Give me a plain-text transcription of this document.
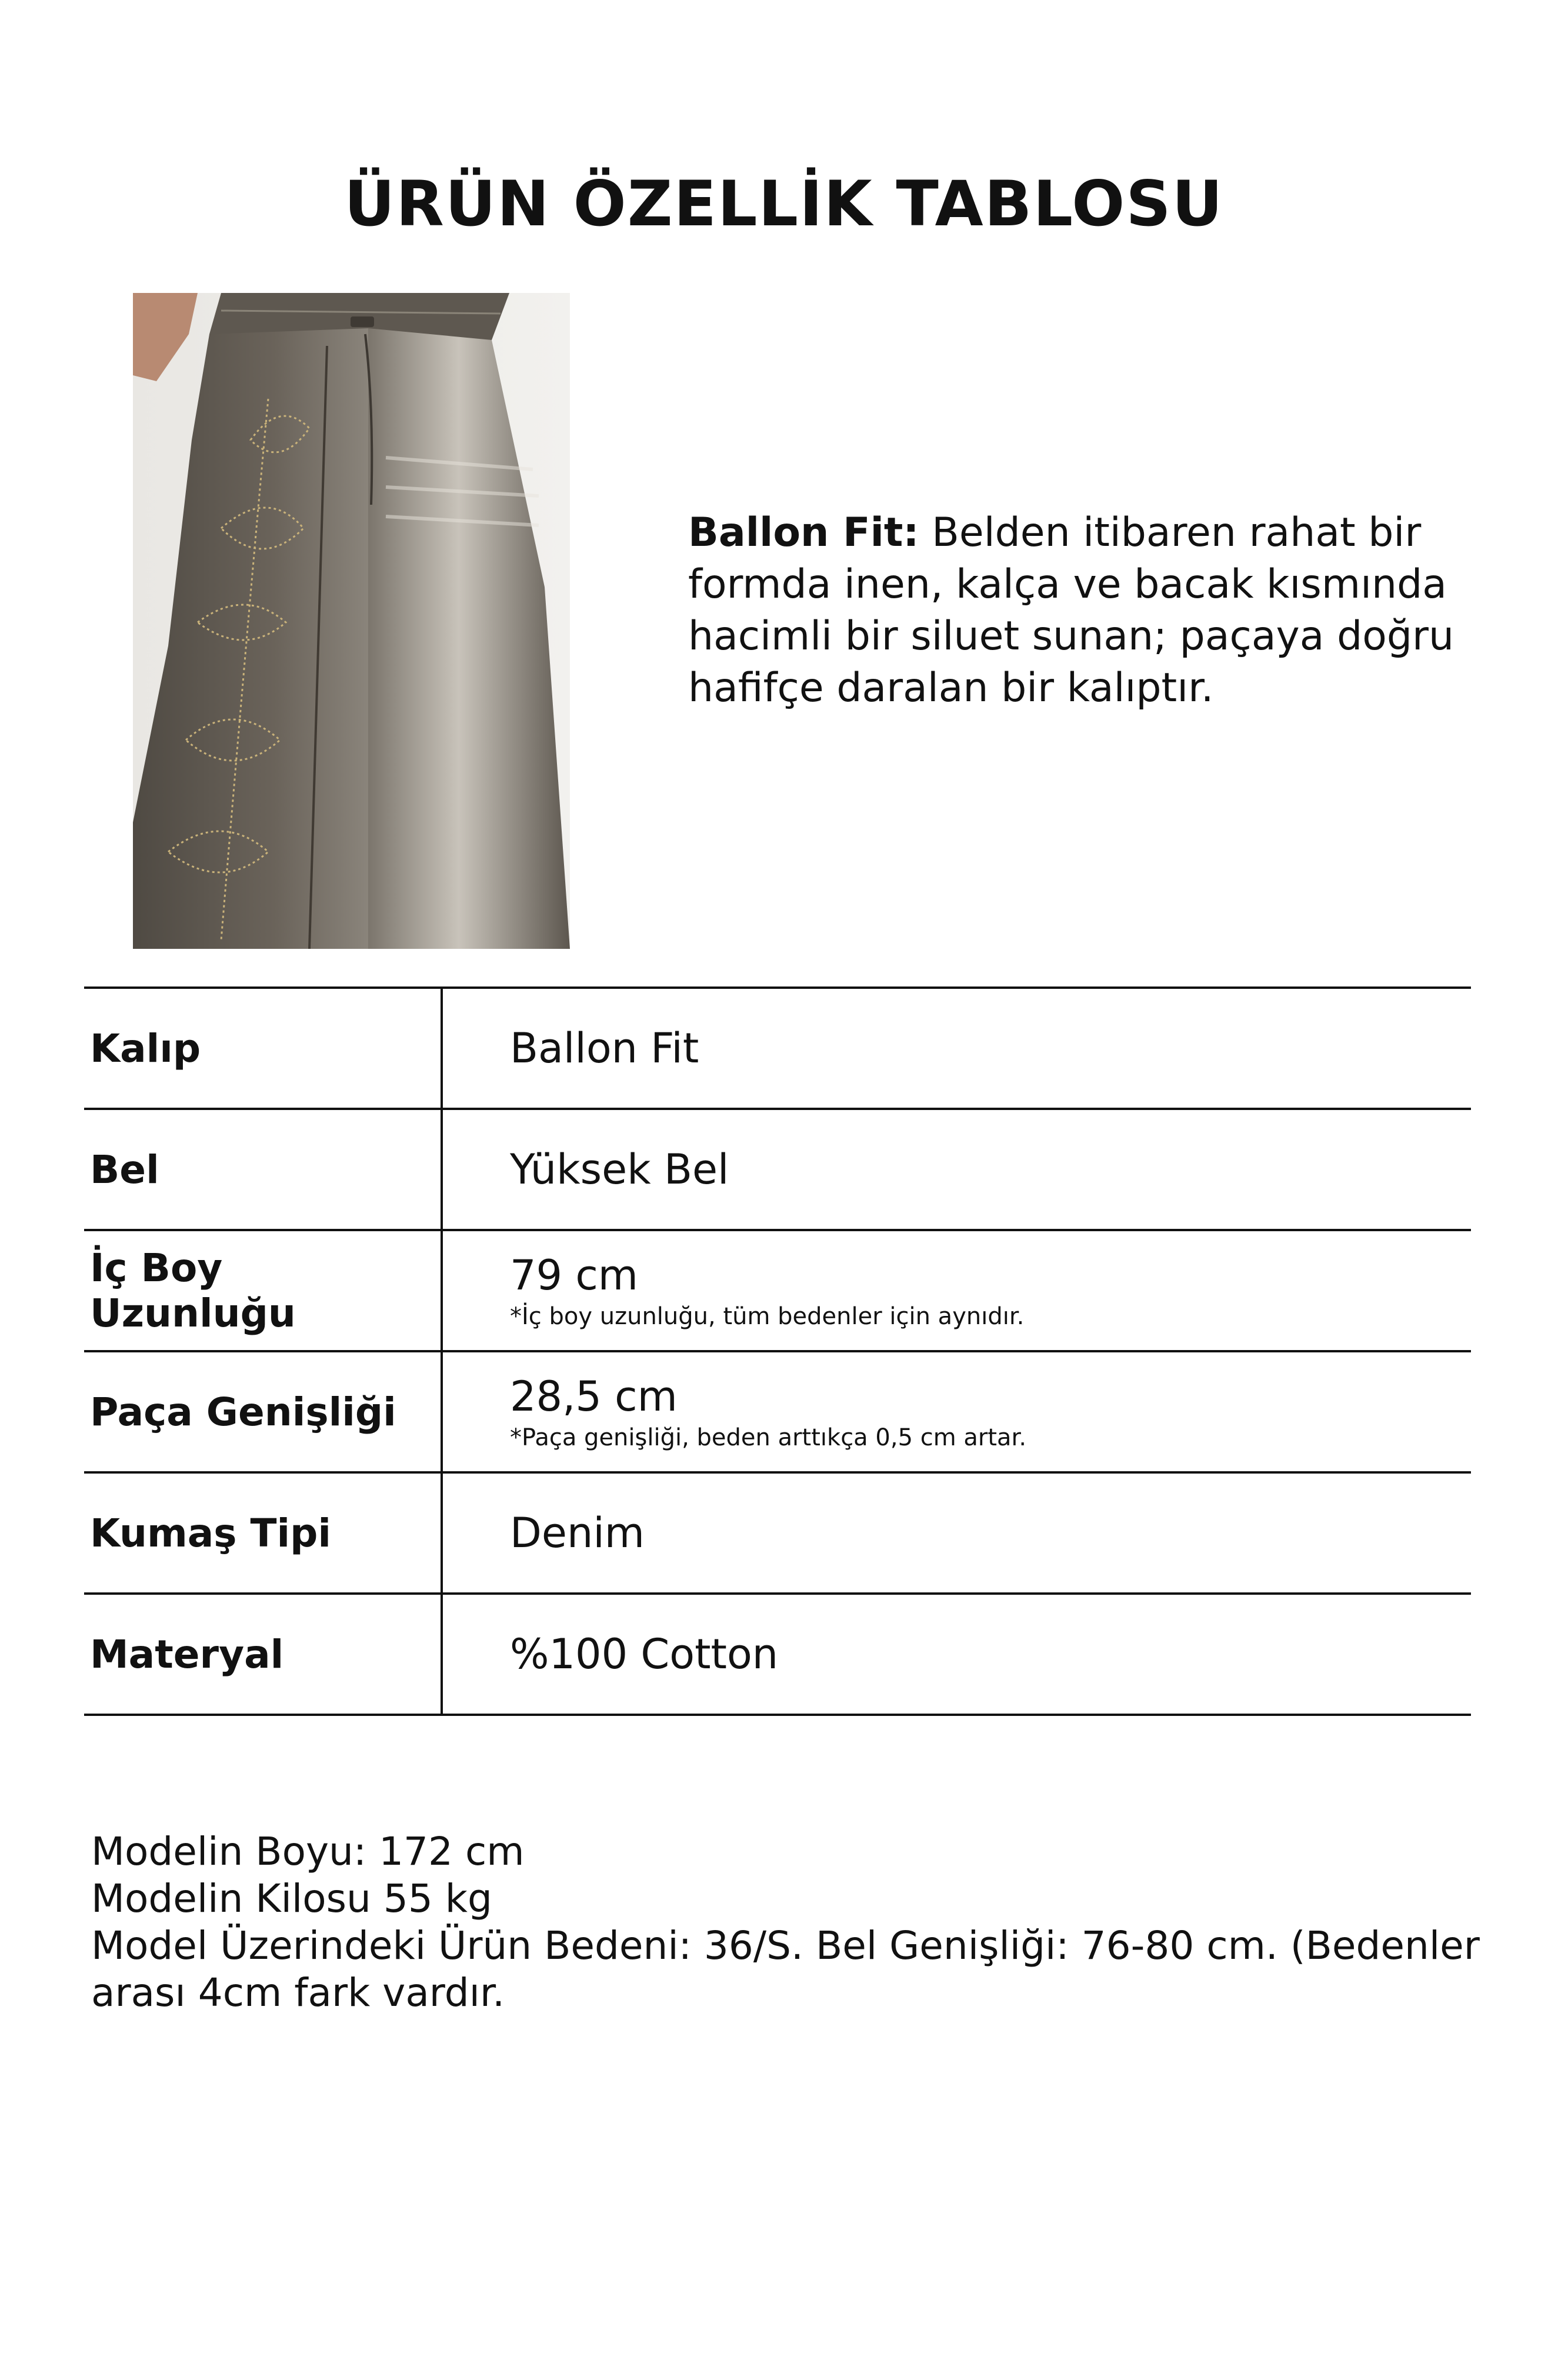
ÜRÜN ÖZELLİK TABLOSU
Ballon Fit: Belden itibaren rahat bir formda inen, kalça ve bacak kısmında hacimli bir siluet sunan; paçaya doğru hafifçe daralan bir kalıptır.
Kalıp	Ballon Fit
Bel	Yüksek Bel
İç Boy Uzunluğu	79 cm
*İç boy uzunluğu, tüm bedenler için aynıdır.

Paça Genişliği	28,5 cm
*Paça genişliği, beden arttıkça 0,5 cm artar.

Kumaş Tipi	Denim
Materyal	%100 Cotton
Modelin Boyu: 172 cm
Modelin Kilosu 55 kg
Model Üzerindeki Ürün Bedeni: 36/S. Bel Genişliği: 76-80 cm. (Bedenler arası 4cm fark vardır.
